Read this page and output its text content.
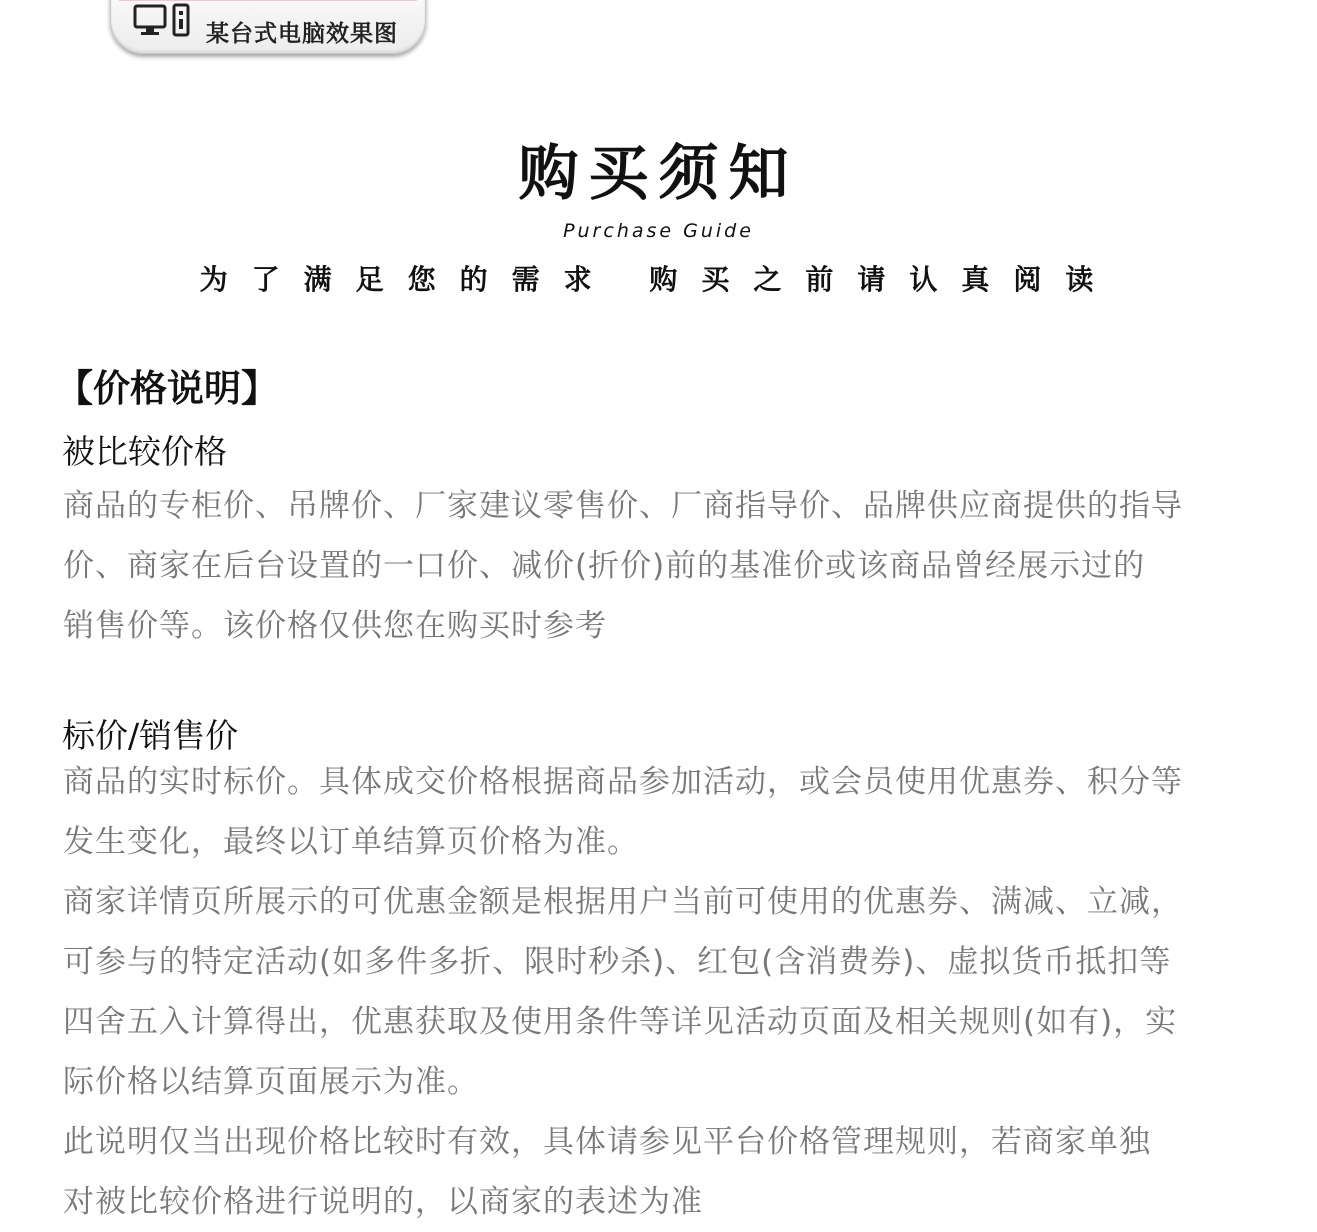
某台式电脑效果图
购买须知
Purchase Guide
为了满足您的需求 购买之前请认真阅读
【价格说明】
被比较价格

商品的专柜价、吊牌价、厂家建议零售价、厂商指导价、品牌供应商提供的指导
价、商家在后台设置的一口价、减价(折价)前的基准价或该商品曾经展示过的
销售价等。该价格仅供您在购买时参考

标价/销售价

商品的实时标价。具体成交价格根据商品参加活动，或会员使用优惠券、积分等
发生变化，最终以订单结算页价格为准。

商家详情页所展示的可优惠金额是根据用户当前可使用的优惠券、满减、立减，
可参与的特定活动(如多件多折、限时秒杀)、红包(含消费券)、虚拟货币抵扣等
四舍五入计算得出，优惠获取及使用条件等详见活动页面及相关规则(如有)，实
际价格以结算页面展示为准。

此说明仅当出现价格比较时有效，具体请参见平台价格管理规则，若商家单独
对被比较价格进行说明的，以商家的表述为准
